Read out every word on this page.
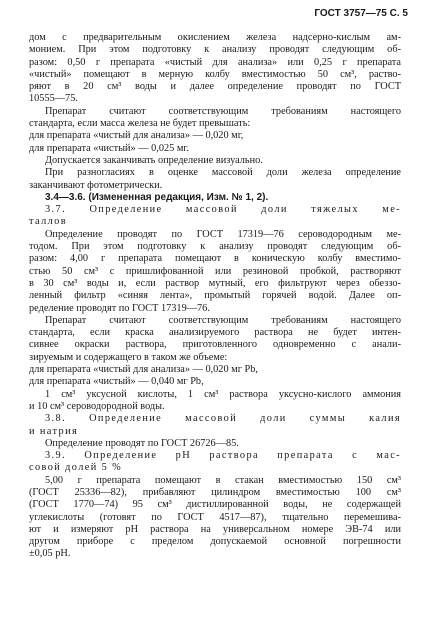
ГОСТ 3757—75 С. 5
дом с предварительным окислением железа надсерно-кислым ам-
монием. При этом подготовку к анализу проводят следующим об-
разом: 0,50 г препарата «чистый для анализа» или 0,25 г препарата
«чистый» помещают в мерную колбу вместимостью 50 см³, раство-
ряют в 20 см³ воды и далее определение проводят по ГОСТ
10555—75.
Препарат считают соответствующим требованиям настоящего
стандарта, если масса железа не будет превышать:
для препарата «чистый для анализа» — 0,020 мг,
для препарата «чистый» — 0,025 мг.
Допускается заканчивать определение визуально.
При разногласиях в оценке массовой доли железа определение
заканчивают фотометрически.
3.4—3.6. (Измененная редакция, Изм. № 1, 2).
3.7. Определение массовой доли тяжелых ме-
таллов
Определение проводят по ГОСТ 17319—76 сероводородным ме-
тодом. При этом подготовку к анализу проводят следующим об-
разом: 4,00 г препарата помещают в коническую колбу вместимо-
стью 50 см³ с пришлифованной или резиновой пробкой, растворяют
в 30 см³ воды и, если раствор мутный, его фильтруют через обеззо-
ленный фильтр «синяя лента», промытый горячей водой. Далее оп-
ределение проводят по ГОСТ 17319—76.
Препарат считают соответствующим требованиям настоящего
стандарта, если краска анализируемого раствора не будет интен-
сивнее окраски раствора, приготовленного одновременно с анали-
зируемым и содержащего в таком же объеме:
для препарата «чистый для анализа» — 0,020 мг Pb,
для препарата «чистый» — 0,040 мг Pb,
1 см³ уксусной кислоты, 1 см³ раствора уксусно-кислого аммония
и 10 см³ сероводородной воды.
3.8. Определение массовой доли суммы калия
и натрия
Определение проводят по ГОСТ 26726—85.
3.9. Определение рН раствора препарата с мас-
совой долей 5 %
5,00 г препарата помещают в стакан вместимостью 150 см³
(ГОСТ 25336—82), прибавляют цилиндром вместимостью 100 см³
(ГОСТ 1770—74) 95 см³ дистиллированной воды, не содержащей
углекислоты (готовят по ГОСТ 4517—87), тщательно перемешива-
ют и измеряют рН раствора на универсальном номере ЭВ-74 или
другом приборе с пределом допускаемой основной погрешности
±0,05 рН.
